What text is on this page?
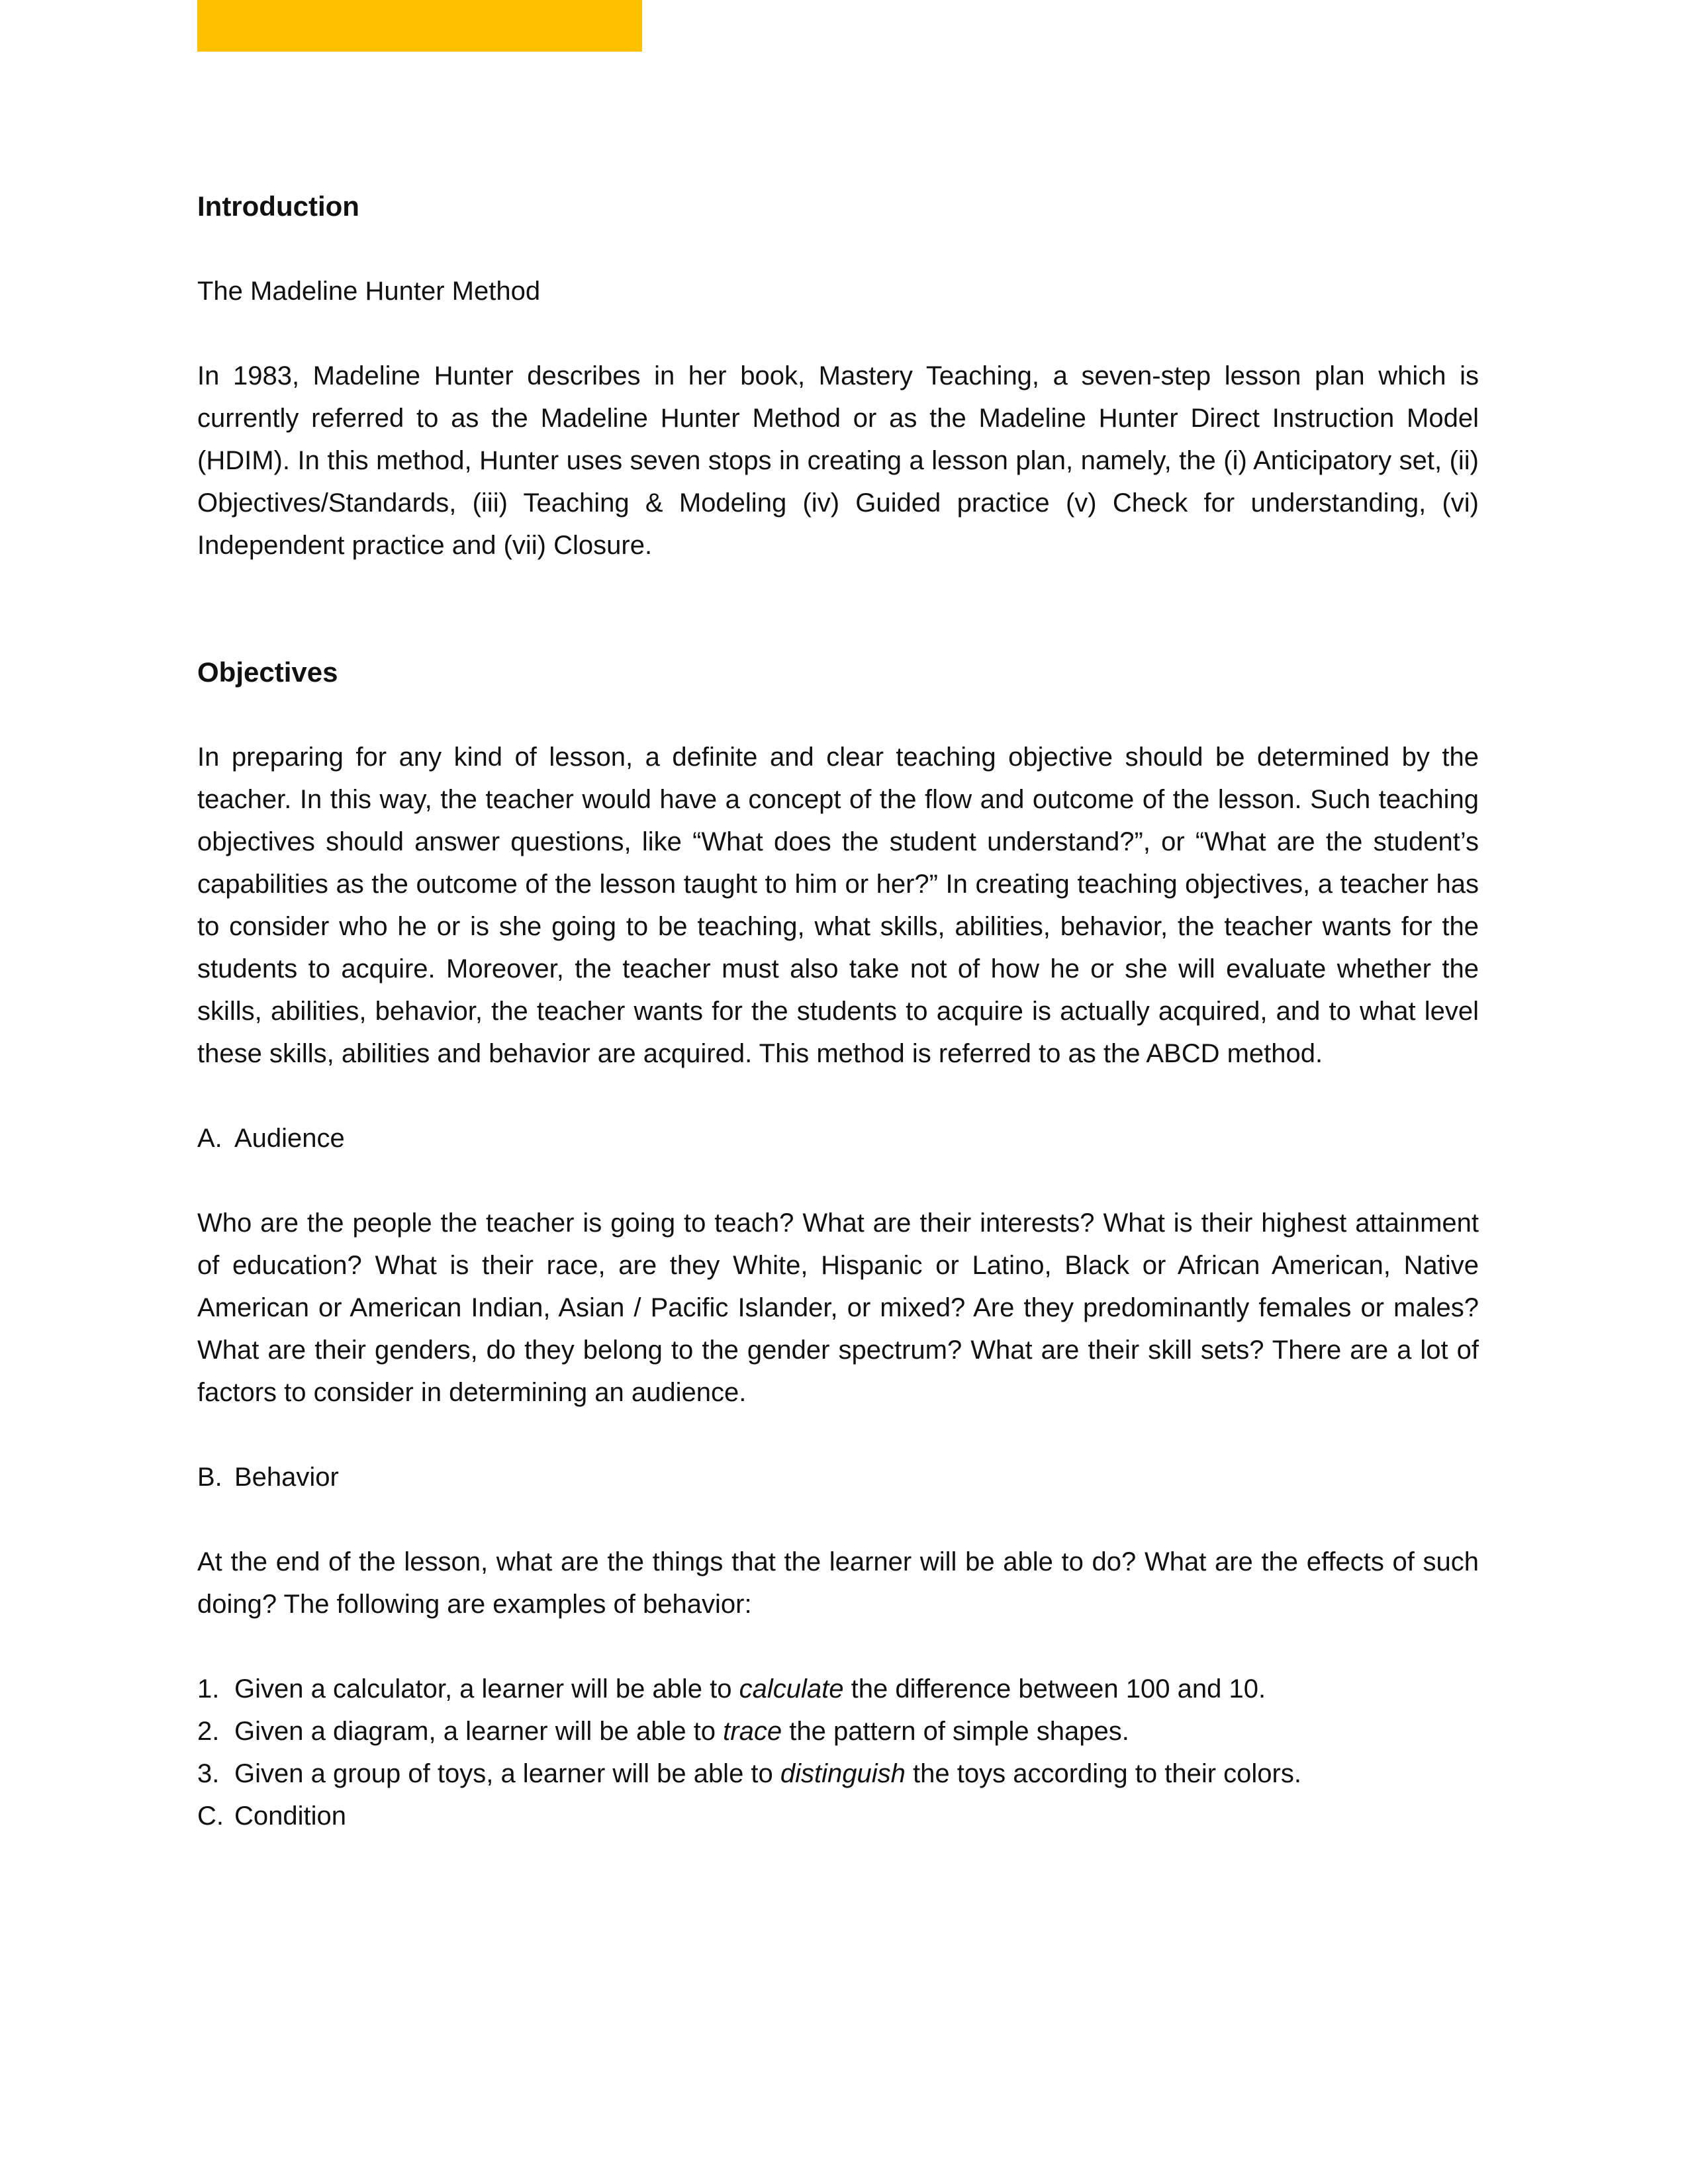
Introduction

The Madeline Hunter Method

In 1983, Madeline Hunter describes in her book, Mastery Teaching, a seven-step lesson plan which is currently referred to as the Madeline Hunter Method or as the Madeline Hunter Direct Instruction Model (HDIM). In this method, Hunter uses seven stops in creating a lesson plan, namely, the (i) Anticipatory set, (ii) Objectives/Standards, (iii) Teaching & Modeling (iv) Guided practice (v) Check for understanding, (vi) Independent practice and (vii) Closure.

Objectives

In preparing for any kind of lesson, a definite and clear teaching objective should be determined by the teacher. In this way, the teacher would have a concept of the flow and outcome of the lesson. Such teaching objectives should answer questions, like “What does the student understand?”, or “What are the student’s capabilities as the outcome of the lesson taught to him or her?” In creating teaching objectives, a teacher has to consider who he or is she going to be teaching, what skills, abilities, behavior, the teacher wants for the students to acquire. Moreover, the teacher must also take not of how he or she will evaluate whether the skills, abilities, behavior, the teacher wants for the students to acquire is actually acquired, and to what level these skills, abilities and behavior are acquired. This method is referred to as the ABCD method.

A. Audience

Who are the people the teacher is going to teach? What are their interests? What is their highest attainment of education? What is their race, are they White, Hispanic or Latino, Black or African American, Native American or American Indian, Asian / Pacific Islander, or mixed? Are they predominantly females or males? What are their genders, do they belong to the gender spectrum? What are their skill sets? There are a lot of factors to consider in determining an audience.

B. Behavior

At the end of the lesson, what are the things that the learner will be able to do? What are the effects of such doing? The following are examples of behavior:

1. Given a calculator, a learner will be able to calculate the difference between 100 and 10.
2. Given a diagram, a learner will be able to trace the pattern of simple shapes.
3. Given a group of toys, a learner will be able to distinguish the toys according to their colors.
C. Condition
